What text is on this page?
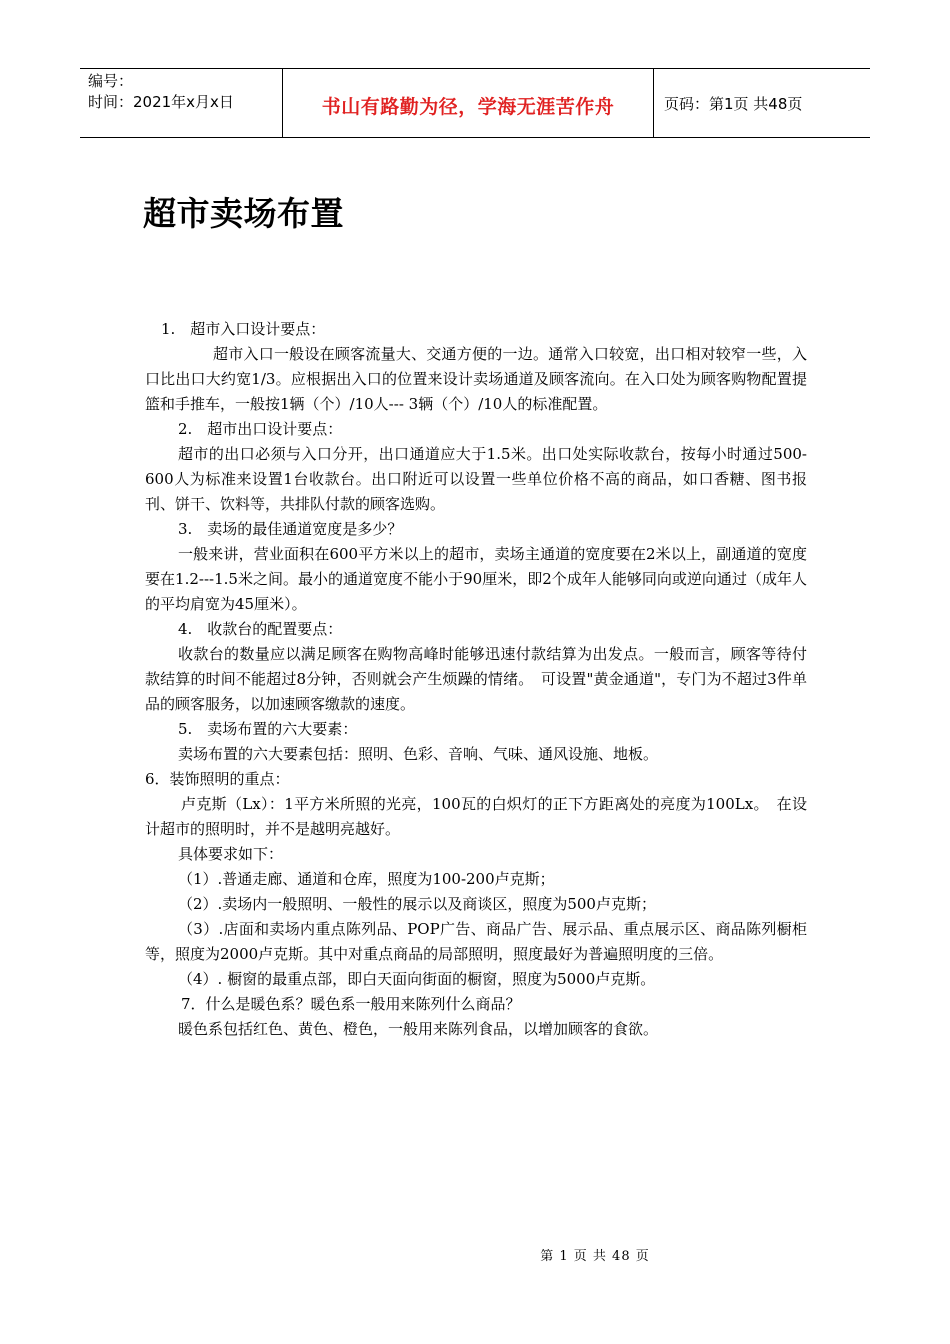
编号：
时间：2021年x月x日	书山有路勤为径，学海无涯苦作舟	页码：第1页 共48页
超市卖场布置

1.　超市入口设计要点：

超市入口一般设在顾客流量大、交通方便的一边。通常入口较宽，出口相对较窄一些，入口比出口大约宽1/3。应根据出入口的位置来设计卖场通道及顾客流向。在入口处为顾客购物配置提篮和手推车，一般按1辆（个）/10人--- 3辆（个）/10人的标准配置。

2.　超市出口设计要点：

超市的出口必须与入口分开，出口通道应大于1.5米。出口处实际收款台，按每小时通过500-600人为标准来设置1台收款台。出口附近可以设置一些单位价格不高的商品，如口香糖、图书报刊、饼干、饮料等，共排队付款的顾客选购。

3.　卖场的最佳通道宽度是多少？

一般来讲，营业面积在600平方米以上的超市，卖场主通道的宽度要在2米以上，副通道的宽度要在1.2---1.5米之间。最小的通道宽度不能小于90厘米，即2个成年人能够同向或逆向通过（成年人的平均肩宽为45厘米）。

4.　收款台的配置要点：

收款台的数量应以满足顾客在购物高峰时能够迅速付款结算为出发点。一般而言，顾客等待付款结算的时间不能超过8分钟，否则就会产生烦躁的情绪。　可设置"黄金通道"，专门为不超过3件单品的顾客服务，以加速顾客缴款的速度。

5.　卖场布置的六大要素：

卖场布置的六大要素包括：照明、色彩、音响、气味、通风设施、地板。

6．装饰照明的重点：

卢克斯（Lx）：1平方米所照的光亮，100瓦的白炽灯的正下方距离处的亮度为100Lx。　在设计超市的照明时，并不是越明亮越好。

具体要求如下：

（1）.普通走廊、通道和仓库，照度为100-200卢克斯；

（2）.卖场内一般照明、一般性的展示以及商谈区，照度为500卢克斯；

（3）.店面和卖场内重点陈列品、POP广告、商品广告、展示品、重点展示区、商品陈列橱柜等，照度为2000卢克斯。其中对重点商品的局部照明，照度最好为普遍照明度的三倍。

（4）. 橱窗的最重点部，即白天面向街面的橱窗，照度为5000卢克斯。

7．什么是暖色系？暖色系一般用来陈列什么商品？

暖色系包括红色、黄色、橙色，一般用来陈列食品，以增加顾客的食欲。

第 1 页 共 48 页
